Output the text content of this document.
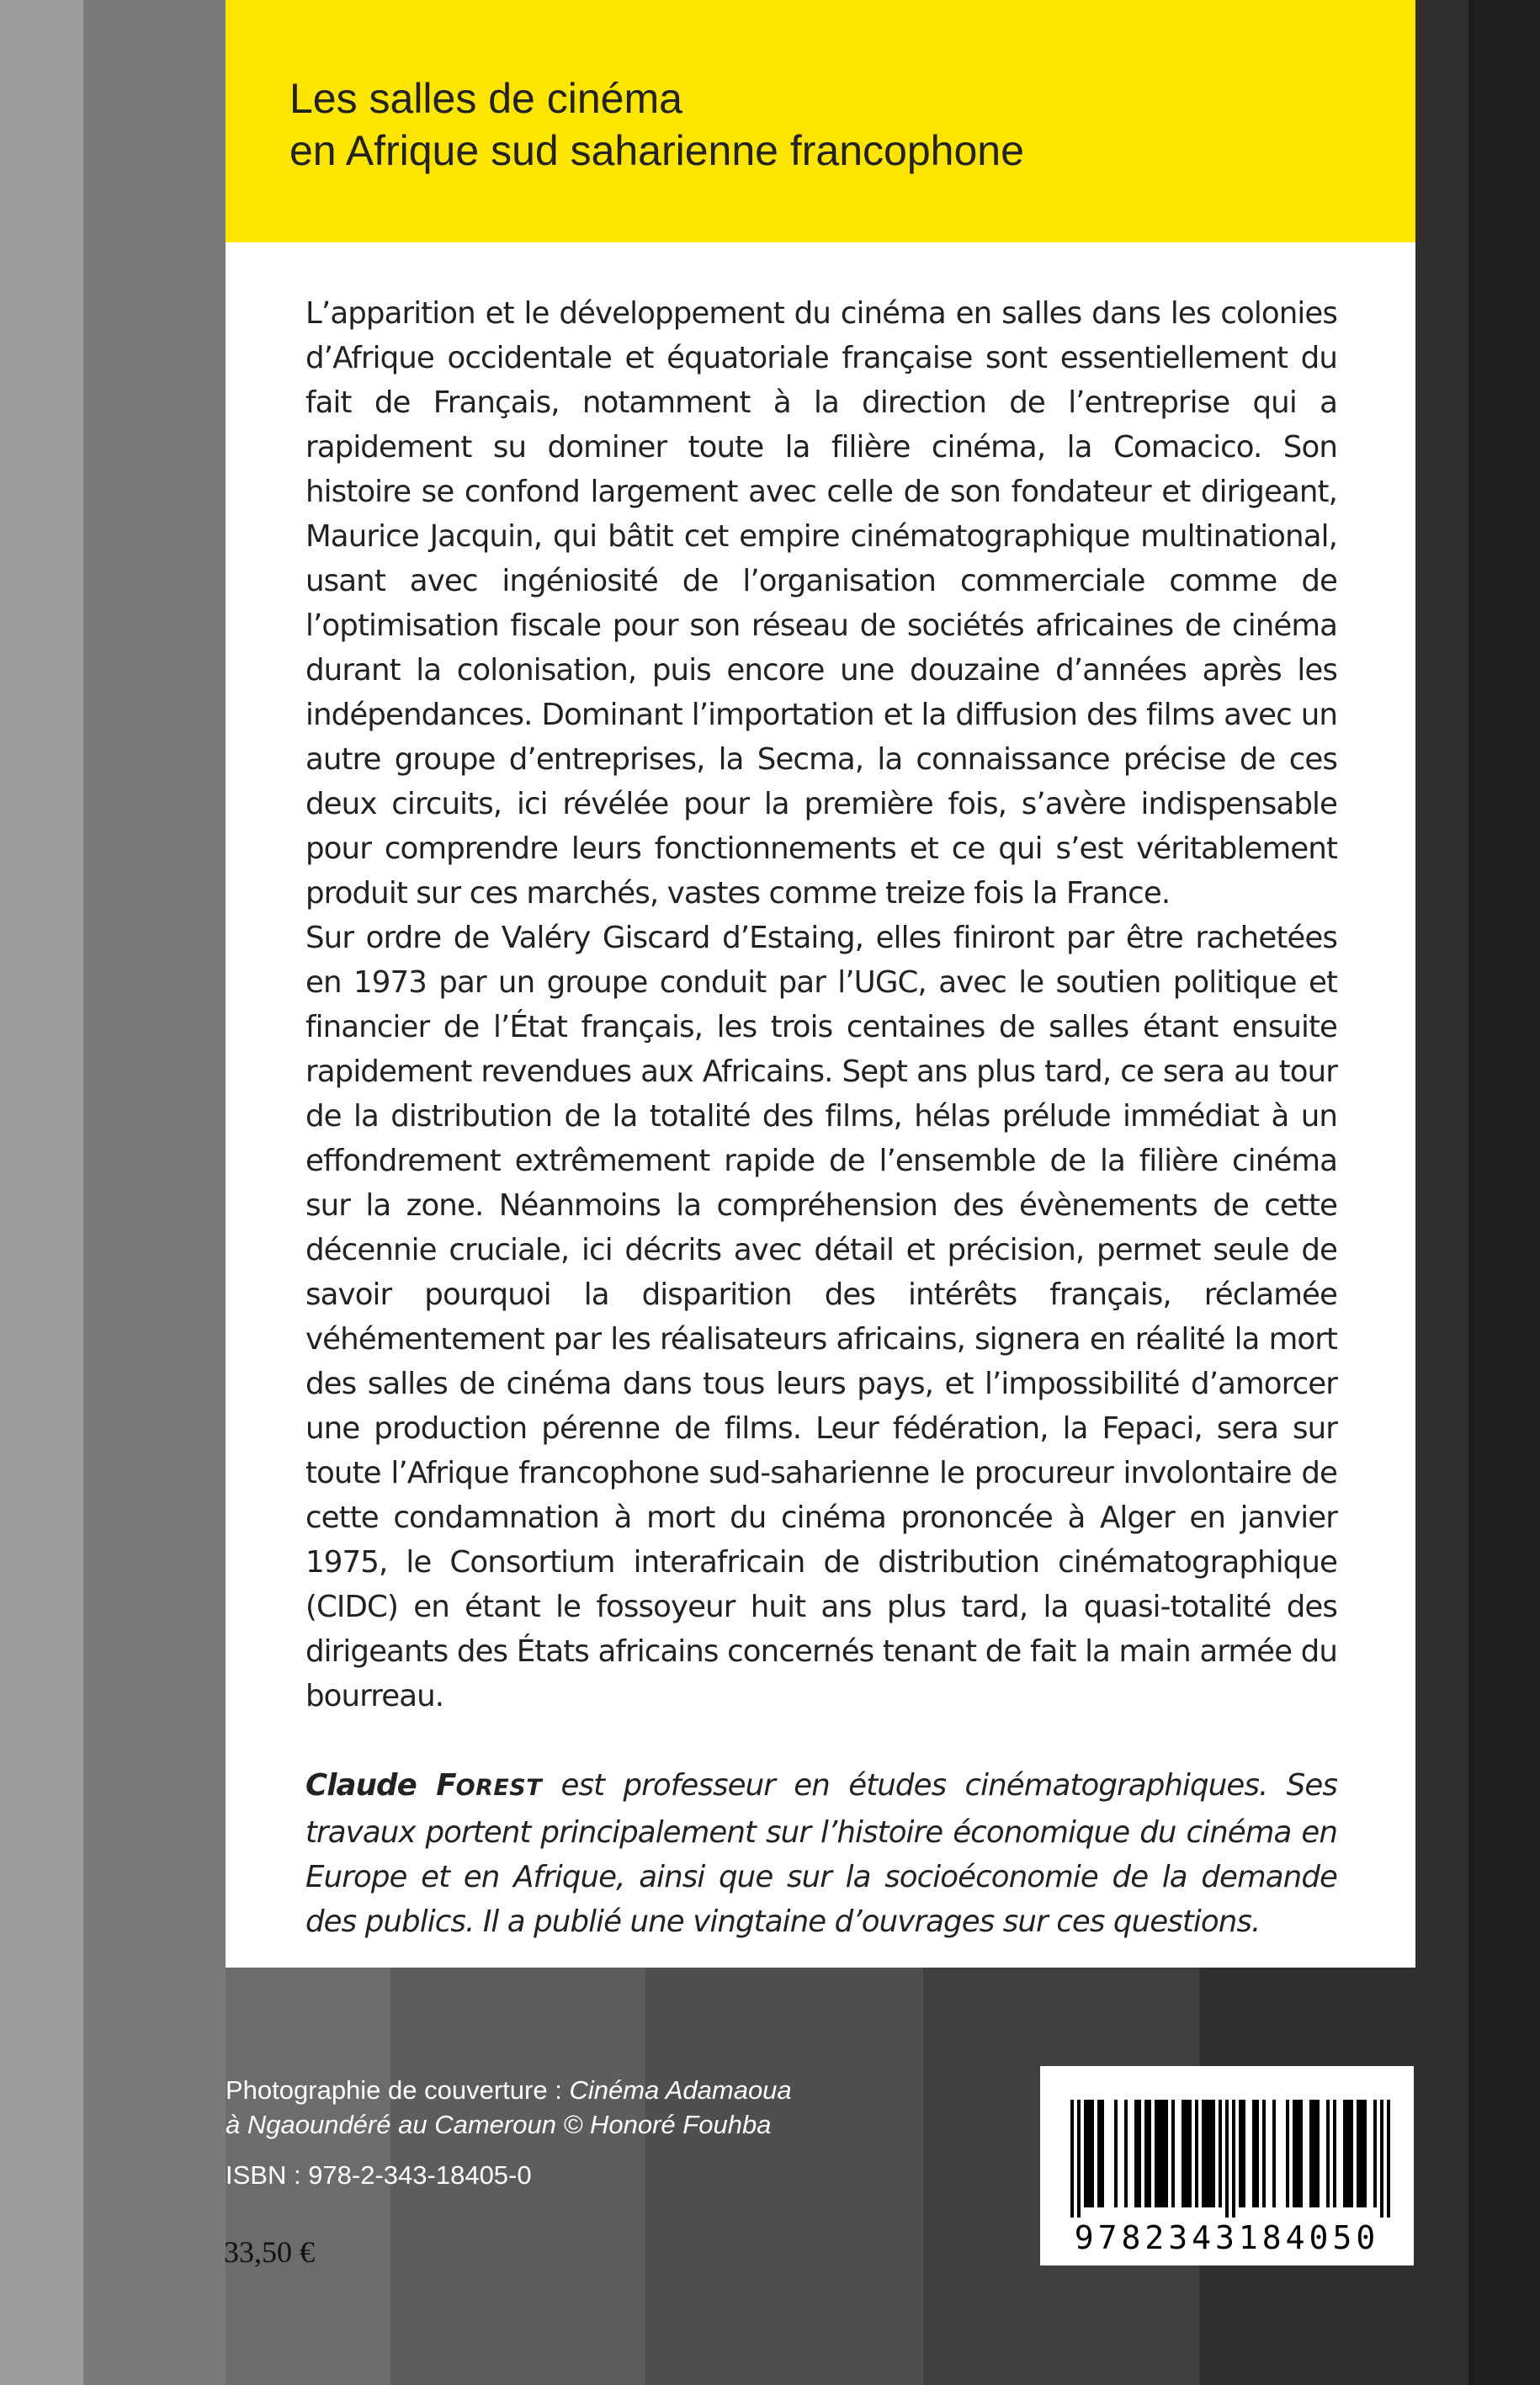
Les salles de cinéma
en Afrique sud saharienne francophone

L’apparition et le développement du cinéma en salles dans les colonies d’Afrique occidentale et équatoriale française sont essentiellement du fait de Français, notamment à la direction de l’entreprise qui a rapidement su dominer toute la filière cinéma, la Comacico. Son histoire se confond largement avec celle de son fondateur et dirigeant, Maurice Jacquin, qui bâtit cet empire cinématographique multinational, usant avec ingéniosité de l’organisation commerciale comme de l’optimisation fiscale pour son réseau de sociétés africaines de cinéma durant la colonisation, puis encore une douzaine d’années après les indépendances. Dominant l’importation et la diffusion des films avec un autre groupe d’entreprises, la Secma, la connaissance précise de ces deux circuits, ici révélée pour la première fois, s’avère indispensable pour comprendre leurs fonctionnements et ce qui s’est véritablement produit sur ces marchés, vastes comme treize fois la France.

Sur ordre de Valéry Giscard d’Estaing, elles finiront par être rachetées en 1973 par un groupe conduit par l’UGC, avec le soutien politique et financier de l’État français, les trois centaines de salles étant ensuite rapidement revendues aux Africains. Sept ans plus tard, ce sera au tour de la distribution de la totalité des films, hélas prélude immédiat à un effondrement extrêmement rapide de l’ensemble de la filière cinéma sur la zone. Néanmoins la compréhension des évènements de cette décennie cruciale, ici décrits avec détail et précision, permet seule de savoir pourquoi la disparition des intérêts français, réclamée véhémentement par les réalisateurs africains, signera en réalité la mort des salles de cinéma dans tous leurs pays, et l’impossibilité d’amorcer une production pérenne de films. Leur fédération, la Fepaci, sera sur toute l’Afrique francophone sud-saharienne le procureur involontaire de cette condamnation à mort du cinéma prononcée à Alger en janvier 1975, le Consortium interafricain de distribution cinématographique (CIDC) en étant le fossoyeur huit ans plus tard, la quasi-totalité des dirigeants des États africains concernés tenant de fait la main armée du bourreau.

Claude FOREST est professeur en études cinématographiques. Ses travaux portent principalement sur l’histoire économique du cinéma en Europe et en Afrique, ainsi que sur la socioéconomie de la demande des publics. Il a publié une vingtaine d’ouvrages sur ces questions.

Photographie de couverture : Cinéma Adamaoua
à Ngaoundéré au Cameroun © Honoré Fouhba
ISBN : 978-2-343-18405-0
33,50 €	9782343184050
